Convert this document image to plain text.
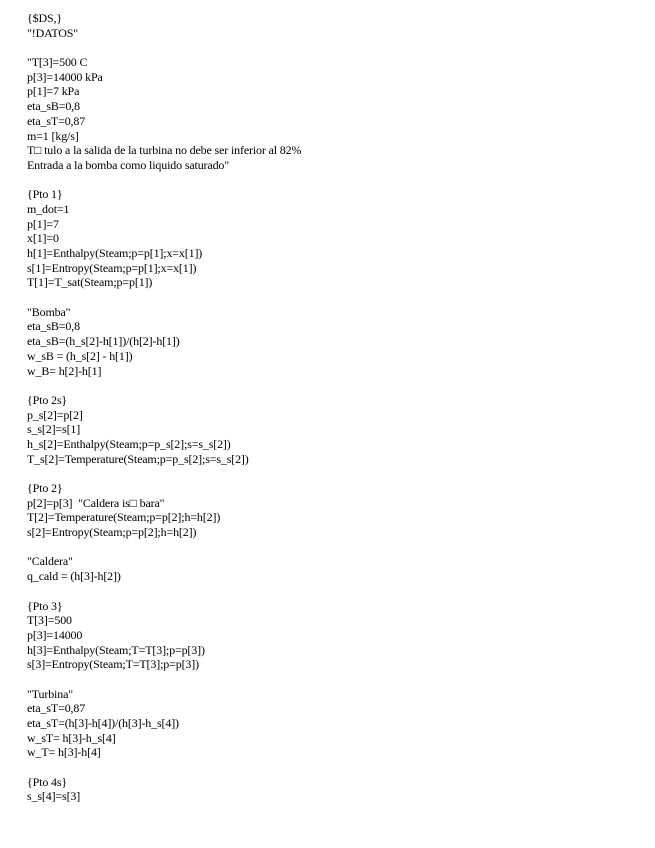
{$DS,}
"!DATOS"
"T[3]=500 C
p[3]=14000 kPa
p[1]=7 kPa
eta_sB=0,8
eta_sT=0,87
m=1 [kg/s]
T□ tulo a la salida de la turbina no debe ser inferior al 82%
Entrada a la bomba como liquido saturado"
{Pto 1}
m_dot=1
p[1]=7
x[1]=0
h[1]=Enthalpy(Steam;p=p[1];x=x[1])
s[1]=Entropy(Steam;p=p[1];x=x[1])
T[1]=T_sat(Steam;p=p[1])
"Bomba"
eta_sB=0,8
eta_sB=(h_s[2]-h[1])/(h[2]-h[1])
w_sB = (h_s[2] - h[1])
w_B= h[2]-h[1]
{Pto 2s}
p_s[2]=p[2]
s_s[2]=s[1]
h_s[2]=Enthalpy(Steam;p=p_s[2];s=s_s[2])
T_s[2]=Temperature(Steam;p=p_s[2];s=s_s[2])
{Pto 2}
p[2]=p[3]  "Caldera is□ bara"
T[2]=Temperature(Steam;p=p[2];h=h[2])
s[2]=Entropy(Steam;p=p[2];h=h[2])
"Caldera"
q_cald = (h[3]-h[2])
{Pto 3}
T[3]=500
p[3]=14000
h[3]=Enthalpy(Steam;T=T[3];p=p[3])
s[3]=Entropy(Steam;T=T[3];p=p[3])
"Turbina"
eta_sT=0,87
eta_sT=(h[3]-h[4])/(h[3]-h_s[4])
w_sT= h[3]-h_s[4]
w_T= h[3]-h[4]
{Pto 4s}
s_s[4]=s[3]
